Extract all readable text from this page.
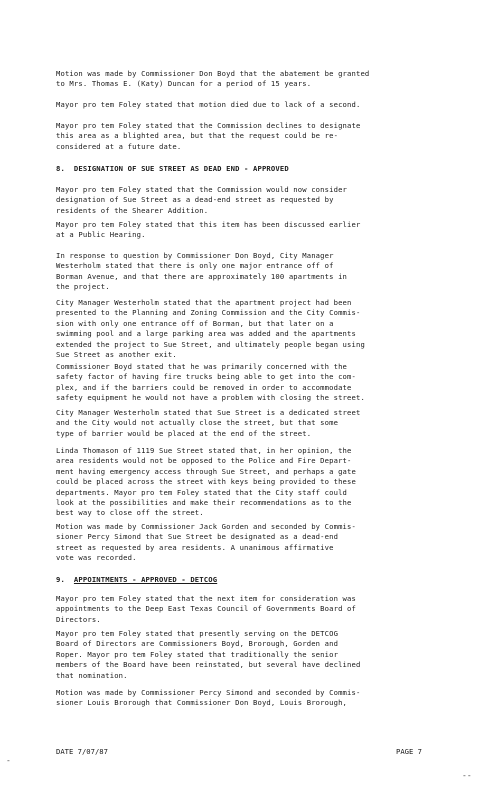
Motion was made by Commissioner Don Boyd that the abatement be granted
to Mrs. Thomas E. (Katy) Duncan for a period of 15 years.

Mayor pro tem Foley stated that motion died due to lack of a second.

Mayor pro tem Foley stated that the Commission declines to designate
this area as a blighted area, but that the request could be re-
considered at a future date.

8.  DESIGNATION OF SUE STREET AS DEAD END - APPROVED

Mayor pro tem Foley stated that the Commission would now consider
designation of Sue Street as a dead-end street as requested by
residents of the Shearer Addition.

Mayor pro tem Foley stated that this item has been discussed earlier
at a Public Hearing.

In response to question by Commissioner Don Boyd, City Manager
Westerholm stated that there is only one major entrance off of
Borman Avenue, and that there are approximately 100 apartments in
the project.

City Manager Westerholm stated that the apartment project had been
presented to the Planning and Zoning Commission and the City Commis-
sion with only one entrance off of Borman, but that later on a
swimming pool and a large parking area was added and the apartments
extended the project to Sue Street, and ultimately people began using
Sue Street as another exit.

Commissioner Boyd stated that he was primarily concerned with the
safety factor of having fire trucks being able to get into the com-
plex, and if the barriers could be removed in order to accommodate
safety equipment he would not have a problem with closing the street.

City Manager Westerholm stated that Sue Street is a dedicated street
and the City would not actually close the street, but that some
type of barrier would be placed at the end of the street.

Linda Thomason of 1119 Sue Street stated that, in her opinion, the
area residents would not be opposed to the Police and Fire Depart-
ment having emergency access through Sue Street, and perhaps a gate
could be placed across the street with keys being provided to these
departments. Mayor pro tem Foley stated that the City staff could
look at the possibilities and make their recommendations as to the
best way to close off the street.

Motion was made by Commissioner Jack Gorden and seconded by Commis-
sioner Percy Simond that Sue Street be designated as a dead-end
street as requested by area residents. A unanimous affirmative
vote was recorded.

9.  APPOINTMENTS - APPROVED - DETCOG

Mayor pro tem Foley stated that the next item for consideration was
appointments to the Deep East Texas Council of Governments Board of
Directors.

Mayor pro tem Foley stated that presently serving on the DETCOG
Board of Directors are Commissioners Boyd, Brorough, Gorden and
Roper. Mayor pro tem Foley stated that traditionally the senior
members of the Board have been reinstated, but several have declined
that nomination.

Motion was made by Commissioner Percy Simond and seconded by Commis-
sioner Louis Brorough that Commissioner Don Boyd, Louis Brorough,

DATE 7/07/87	PAGE 7
-
--
